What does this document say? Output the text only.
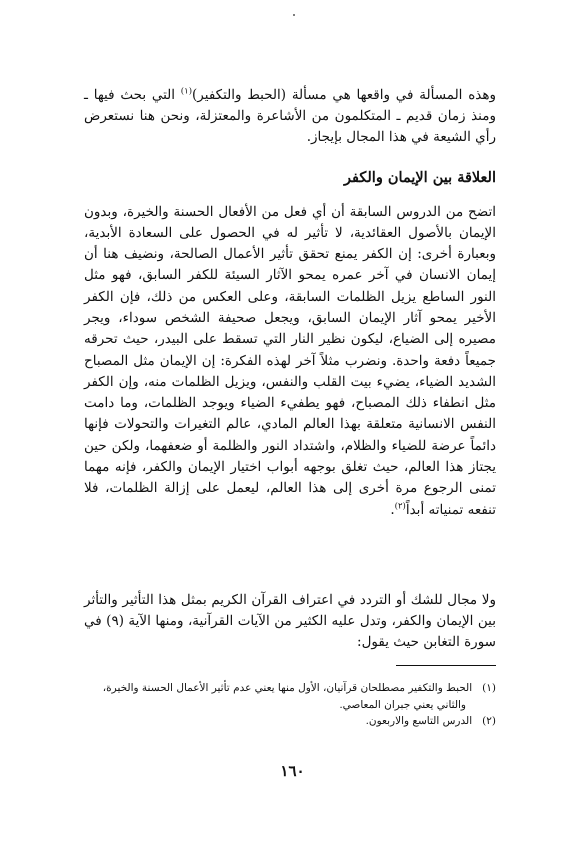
وهذه المسألة في واقعها هي مسألة (الحبط والتكفير)$^{(١)}$ التي بحث فيها ـ ومنذ زمان قديم ـ المتكلمون من الأشاعرة والمعتزلة، ونحن هنا نستعرض رأي الشيعة في هذا المجال بإيجاز.

العلاقة بين الإيمان والكفر

اتضح من الدروس السابقة أن أي فعل من الأفعال الحسنة والخيرة، وبدون الإيمان بالأصول العقائدية، لا تأثير له في الحصول على السعادة الأبدية، وبعبارة أخرى: إن الكفر يمنع تحقق تأثير الأعمال الصالحة، ونضيف هنا أن إيمان الانسان في آخر عمره يمحو الآثار السيئة للكفر السابق، فهو مثل النور الساطع يزيل الظلمات السابقة، وعلى العكس من ذلك، فإن الكفر الأخير يمحو آثار الإيمان السابق، ويجعل صحيفة الشخص سوداء، ويجر مصيره إلى الضياع، ليكون نظير النار التي تسقط على البيدر، حيث تحرقه جميعاً دفعة واحدة. ونضرب مثلاً آخر لهذه الفكرة: إن الإيمان مثل المصباح الشديد الضياء، يضيء بيت القلب والنفس، ويزيل الظلمات منه، وإن الكفر مثل انطفاء ذلك المصباح، فهو يطفيء الضياء ويوجد الظلمات، وما دامت النفس الانسانية متعلقة بهذا العالم المادي، عالم التغيرات والتحولات فإنها دائماً عرضة للضياء والظلام، واشتداد النور والظلمة أو ضعفهما، ولكن حين يجتاز هذا العالم، حيث تغلق بوجهه أبواب اختيار الإيمان والكفر، فإنه مهما تمنى الرجوع مرة أخرى إلى هذا العالم، ليعمل على إزالة الظلمات، فلا تنفعه تمنياته أبداً$^{(٢)}$.

ولا مجال للشك أو التردد في اعتراف القرآن الكريم بمثل هذا التأثير والتأثر بين الإيمان والكفر، وتدل عليه الكثير من الآيات القرآنية، ومنها الآية (٩) في سورة التغابن حيث يقول:

(١)الحبط والتكفير مصطلحان قرآنيان، الأول منها يعني عدم تأثير الأعمال الحسنة والخيرة،
والثاني يعني جبران المعاصي.
(٢)الدرس التاسع والاربعون.
١٦٠
